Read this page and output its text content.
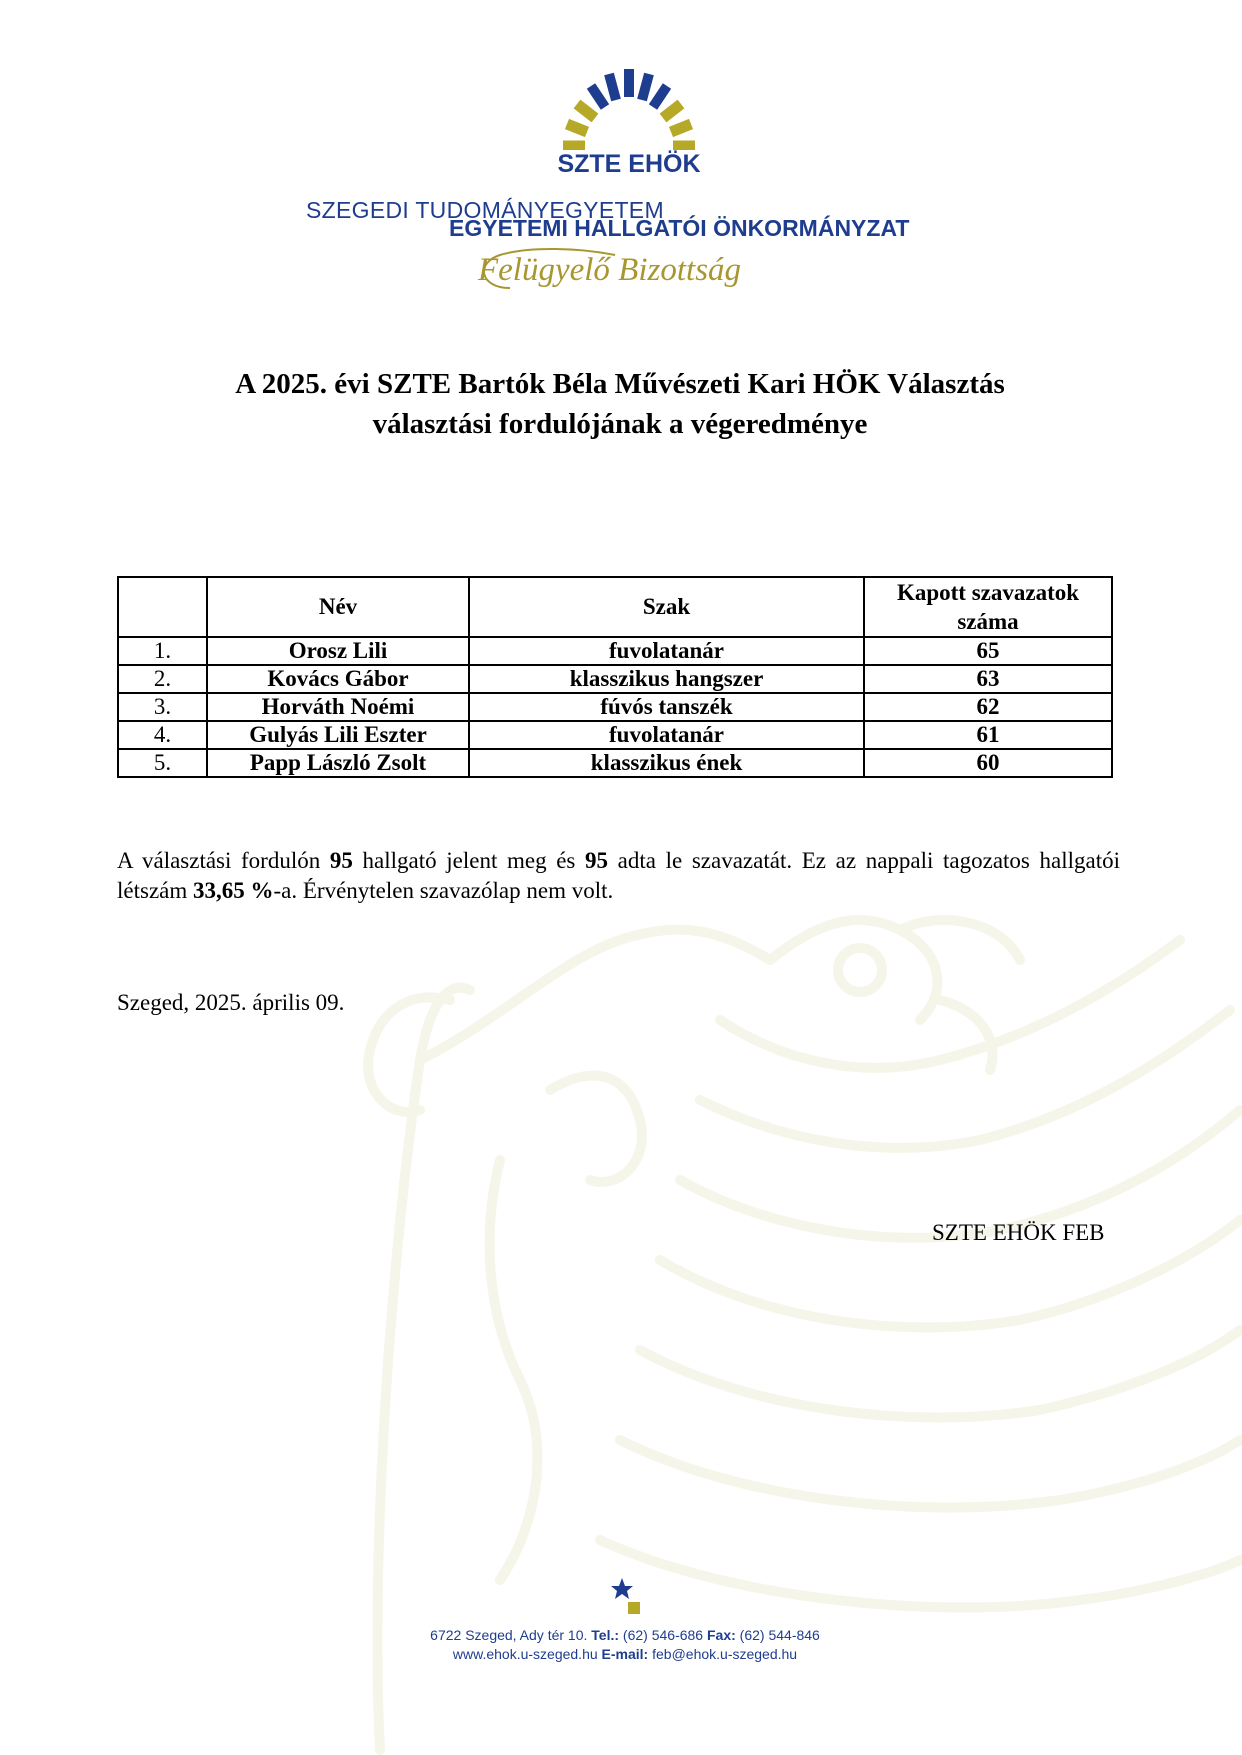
SZTE EHÖK
SZEGEDI TUDOMÁNYEGYETEM
EGYETEMI HALLGATÓI ÖNKORMÁNYZAT
Felügyelő Bizottság
A 2025. évi SZTE Bartók Béla Művészeti Kari HÖK Választás
választási fordulójának a végeredménye
	Név	Szak	Kapott szavazatok száma
1.	Orosz Lili	fuvolatanár	65
2.	Kovács Gábor	klasszikus hangszer	63
3.	Horváth Noémi	fúvós tanszék	62
4.	Gulyás Lili Eszter	fuvolatanár	61
5.	Papp László Zsolt	klasszikus ének	60
A választási fordulón 95 hallgató jelent meg és 95 adta le szavazatát. Ez az nappali tagozatos hallgatói létszám 33,65 %-a. Érvénytelen szavazólap nem volt.
Szeged, 2025. április 09.
SZTE EHÖK FEB
6722 Szeged, Ady tér 10. Tel.: (62) 546-686 Fax: (62) 544-846
www.ehok.u-szeged.hu E-mail: feb@ehok.u-szeged.hu
